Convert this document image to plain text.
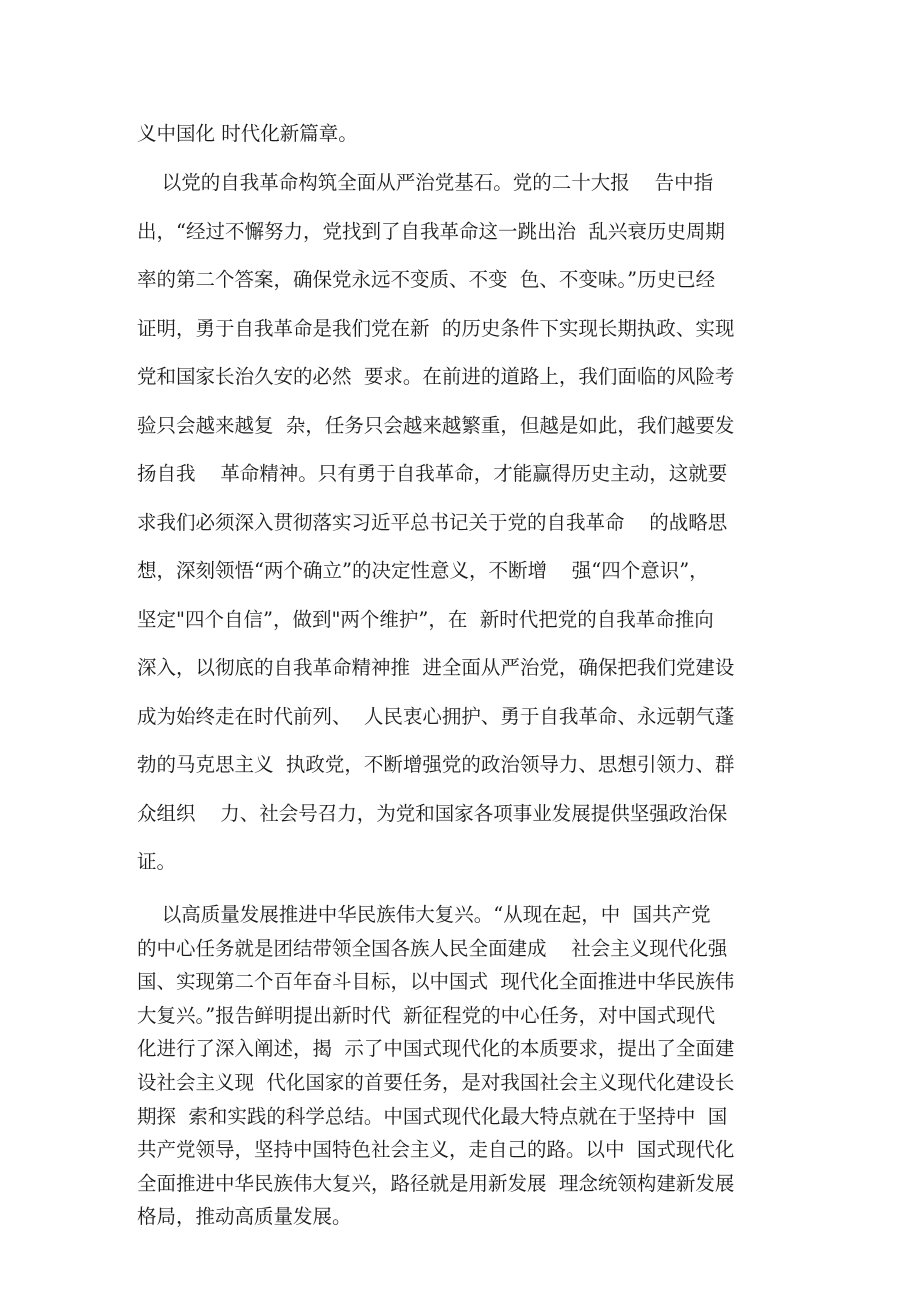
义中国化 时代化新篇章。
以党的自我革命构筑全面从严治党基石。党的二十大报    告中指
出，“经过不懈努力，党找到了自我革命这一跳出治  乱兴衰历史周期
率的第二个答案，确保党永远不变质、不变  色、不变味。”历史已经
证明，勇于自我革命是我们党在新  的历史条件下实现长期执政、实现
党和国家长治久安的必然  要求。在前进的道路上，我们面临的风险考
验只会越来越复  杂，任务只会越来越繁重，但越是如此，我们越要发
扬自我    革命精神。只有勇于自我革命，才能赢得历史主动，这就要
求我们必须深入贯彻落实习近平总书记关于党的自我革命    的战略思
想，深刻领悟“两个确立”的决定性意义，不断增    强“四个意识”，
坚定"四个自信”，做到"两个维护”，在  新时代把党的自我革命推向
深入，以彻底的自我革命精神推  进全面从严治党，确保把我们党建设
成为始终走在时代前列、  人民衷心拥护、勇于自我革命、永远朝气蓬
勃的马克思主义  执政党，不断增强党的政治领导力、思想引领力、群
众组织    力、社会号召力，为党和国家各项事业发展提供坚强政治保
证。
以高质量发展推进中华民族伟大复兴。“从现在起，中  国共产党
的中心任务就是团结带领全国各族人民全面建成    社会主义现代化强
国、实现第二个百年奋斗目标，以中国式  现代化全面推进中华民族伟
大复兴。”报告鲜明提出新时代  新征程党的中心任务，对中国式现代
化进行了深入阐述，揭  示了中国式现代化的本质要求，提出了全面建
设社会主义现  代化国家的首要任务，是对我国社会主义现代化建设长
期探  索和实践的科学总结。中国式现代化最大特点就在于坚持中  国
共产党领导，坚持中国特色社会主义，走自己的路。以中  国式现代化
全面推进中华民族伟大复兴，路径就是用新发展  理念统领构建新发展
格局，推动高质量发展。
